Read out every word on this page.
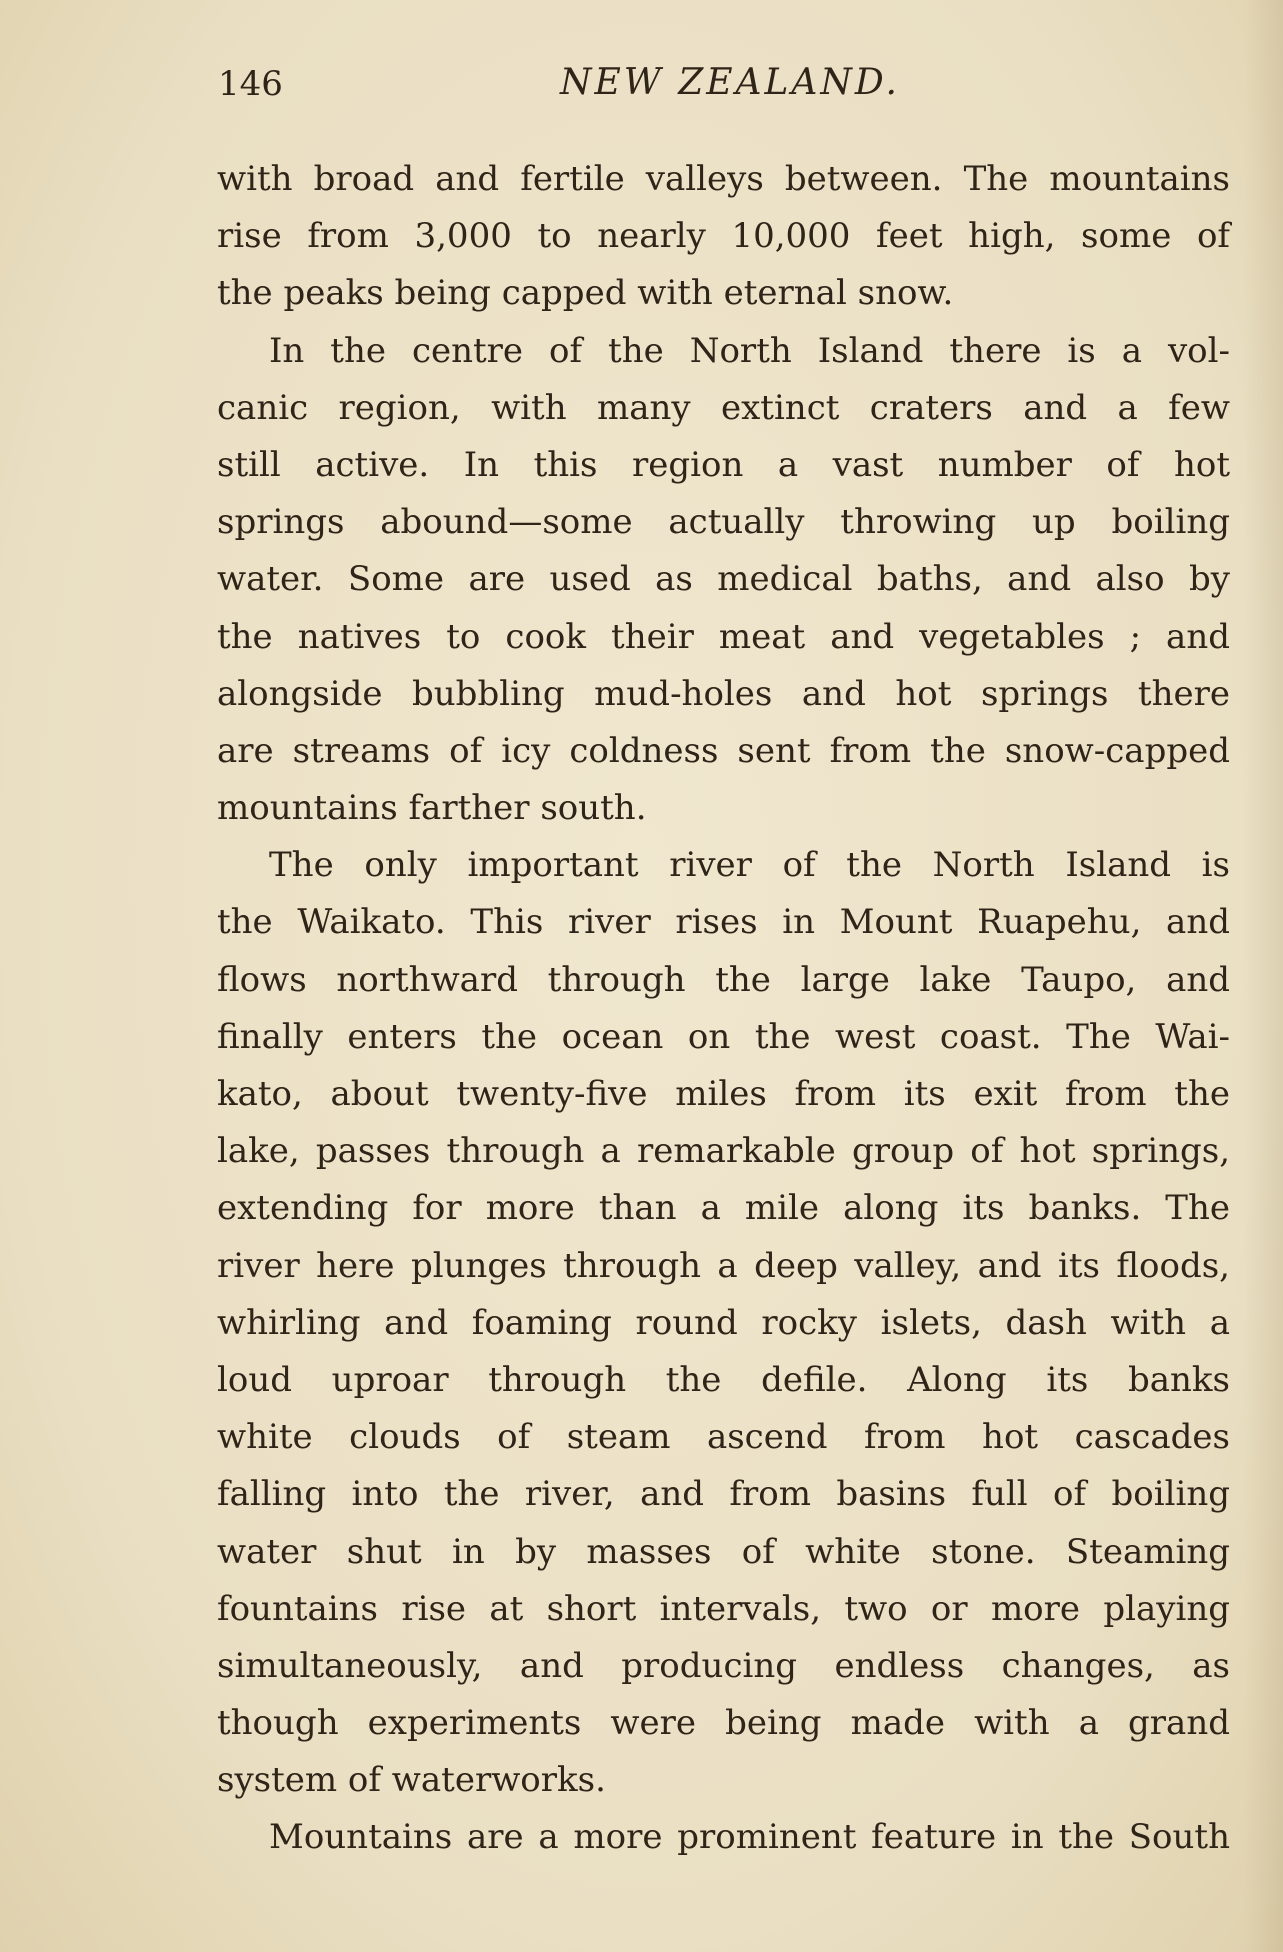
146	NEW ZEALAND.
with broad and fertile valleys between. The mountains
rise from 3,000 to nearly 10,000 feet high, some of
the peaks being capped with eternal snow.
In the centre of the North Island there is a vol-
canic region, with many extinct craters and a few
still active. In this region a vast number of hot
springs abound—some actually throwing up boiling
water. Some are used as medical baths, and also by
the natives to cook their meat and vegetables ; and
alongside bubbling mud-holes and hot springs there
are streams of icy coldness sent from the snow-capped
mountains farther south.
The only important river of the North Island is
the Waikato. This river rises in Mount Ruapehu, and
flows northward through the large lake Taupo, and
finally enters the ocean on the west coast. The Wai-
kato, about twenty-five miles from its exit from the
lake, passes through a remarkable group of hot springs,
extending for more than a mile along its banks. The
river here plunges through a deep valley, and its floods,
whirling and foaming round rocky islets, dash with a
loud uproar through the defile. Along its banks
white clouds of steam ascend from hot cascades
falling into the river, and from basins full of boiling
water shut in by masses of white stone. Steaming
fountains rise at short intervals, two or more playing
simultaneously, and producing endless changes, as
though experiments were being made with a grand
system of waterworks.
Mountains are a more prominent feature in the South
